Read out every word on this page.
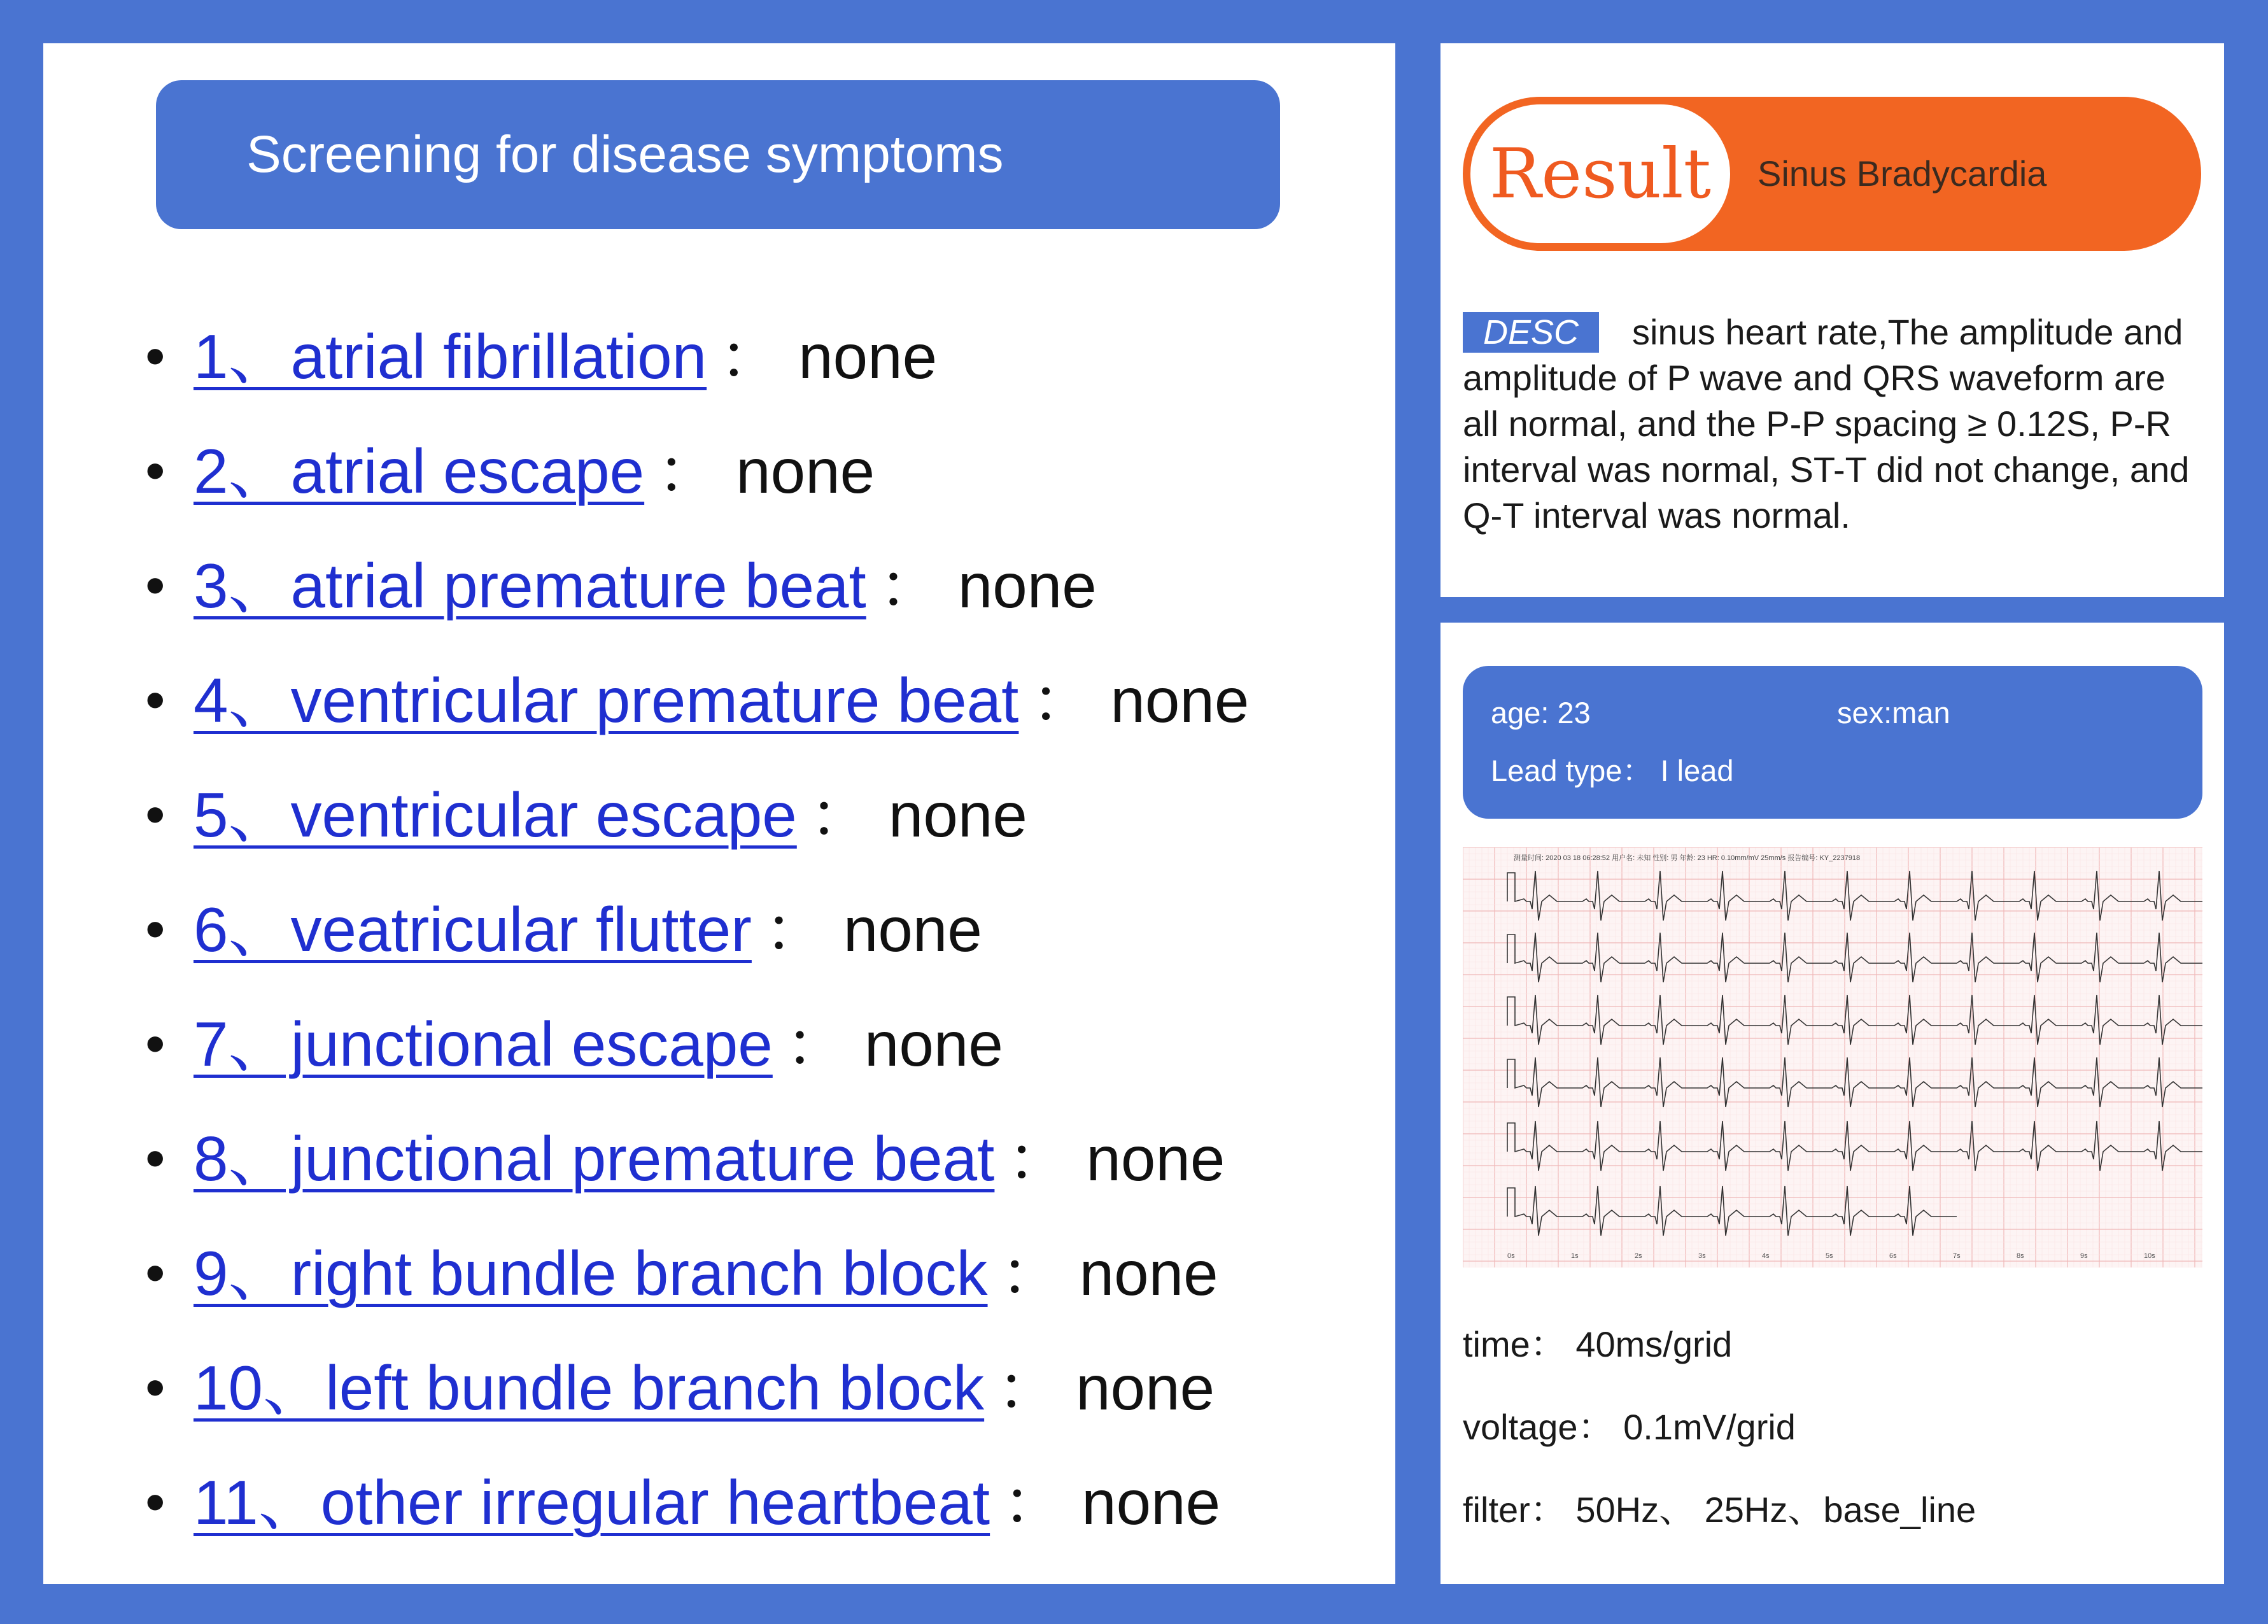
Screening for disease symptoms
• 1、atrial fibrillation ： none
• 2、atrial escape ： none
• 3、atrial premature beat ： none
• 4、ventricular premature beat ： none
• 5、ventricular escape ： none
• 6、veatricular flutter ： none
• 7、junctional escape ： none
• 8、junctional premature beat ： none
• 9、right bundle branch block ： none
• 10、left bundle branch block ： none
• 11、other irregular heartbeat ： none
Result	Sinus Bradycardia
DESC sinus heart rate,The amplitude and amplitude of P wave and QRS waveform are all normal, and the P-P spacing ≥ 0.12S, P-R interval was normal, ST-T did not change, and Q-T interval was normal.
age: 23	sex:man
Lead type： I lead
测量时间: 2020 03 18 06:28:52 用户名: 未知 性别: 男 年龄: 23 HR: 0.10mm/mV 25mm/s 报告编号: KY_2237918
0s	1s	2s	3s	4s	5s	6s	7s	8s	9s	10s
time： 40ms/grid
voltage： 0.1mV/grid
filter： 50Hz、 25Hz、base_line
